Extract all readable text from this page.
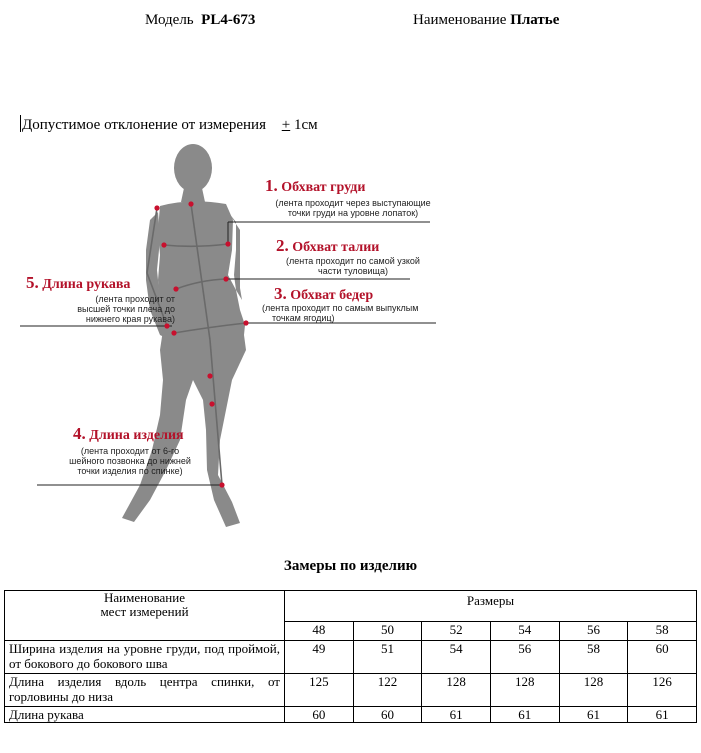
Модель PL4-673	Наименование Платье
Допустимое отклонение от измерения + 1см
1. Обхват груди
(лента проходит через выступающие
точки груди на уровне лопаток)
2. Обхват талии
(лента проходит по самой узкой
части туловища)
3. Обхват бедер
(лента проходит по самым выпуклым
точкам ягодиц)
4. Длина изделия
(лента проходит от 6-го
шейного позвонка до нижней
точки изделия по спинке)
5. Длина рукава
(лента проходит от
высшей точки плеча до
нижнего края рукава)
Замеры по изделию
Наименование
мест измерений	Размеры					
	48	50	52	54	56	58
Ширина изделия на уровне груди, под проймой, от бокового до бокового шва	49	51	54	56	58	60
Длина изделия вдоль центра спинки, от горловины до низа	125	122	128	128	128	126
Длина рукава	60	60	61	61	61	61
